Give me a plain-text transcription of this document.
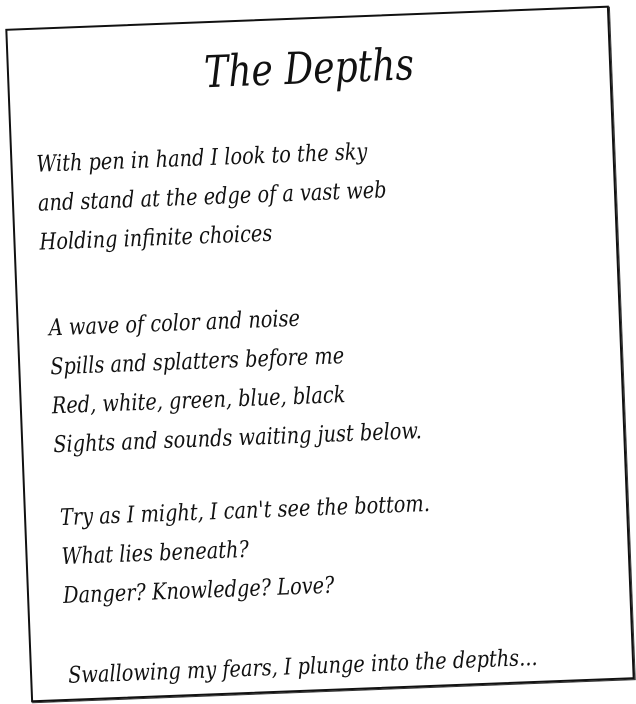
The Depths
With pen in hand I look to the sky
and stand at the edge of a vast web
Holding infinite choices
A wave of color and noise
Spills and splatters before me
Red, white, green, blue, black
Sights and sounds waiting just below.
Try as I might, I can't see the bottom.
What lies beneath?
Danger? Knowledge? Love?
Swallowing my fears, I plunge into the depths...
